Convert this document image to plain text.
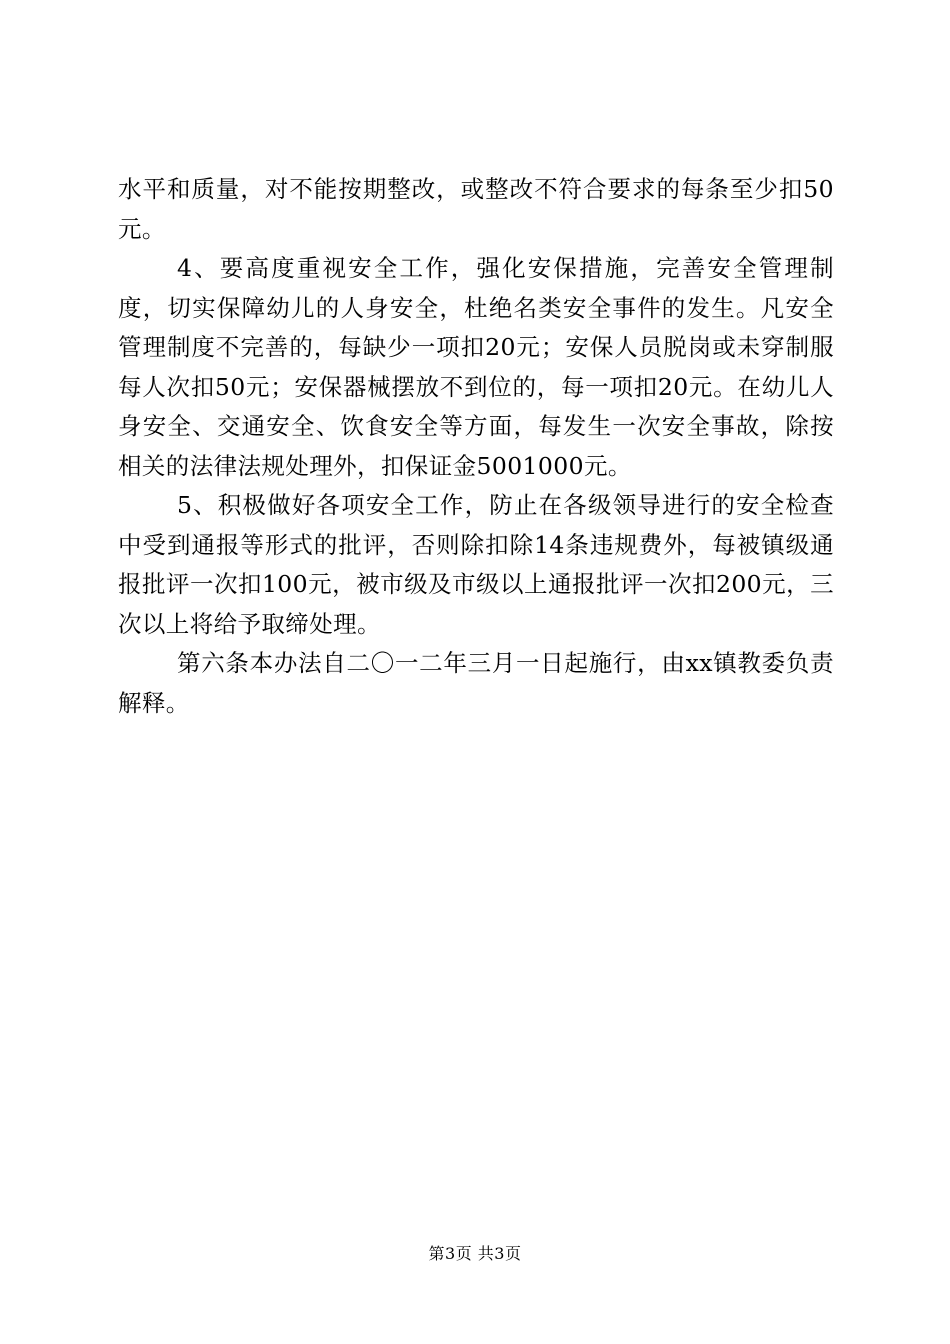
水平和质量，对不能按期整改，或整改不符合要求的每条至少扣50元。

4、要高度重视安全工作，强化安保措施，完善安全管理制度，切实保障幼儿的人身安全，杜绝名类安全事件的发生。凡安全管理制度不完善的，每缺少一项扣20元；安保人员脱岗或未穿制服每人次扣50元；安保器械摆放不到位的，每一项扣20元。在幼儿人身安全、交通安全、饮食安全等方面，每发生一次安全事故，除按相关的法律法规处理外，扣保证金5001000元。

5、积极做好各项安全工作，防止在各级领导进行的安全检查中受到通报等形式的批评，否则除扣除14条违规费外，每被镇级通报批评一次扣100元，被市级及市级以上通报批评一次扣200元，三次以上将给予取缔处理。

第六条本办法自二〇一二年三月一日起施行，由xx镇教委负责解释。

第3页 共3页
